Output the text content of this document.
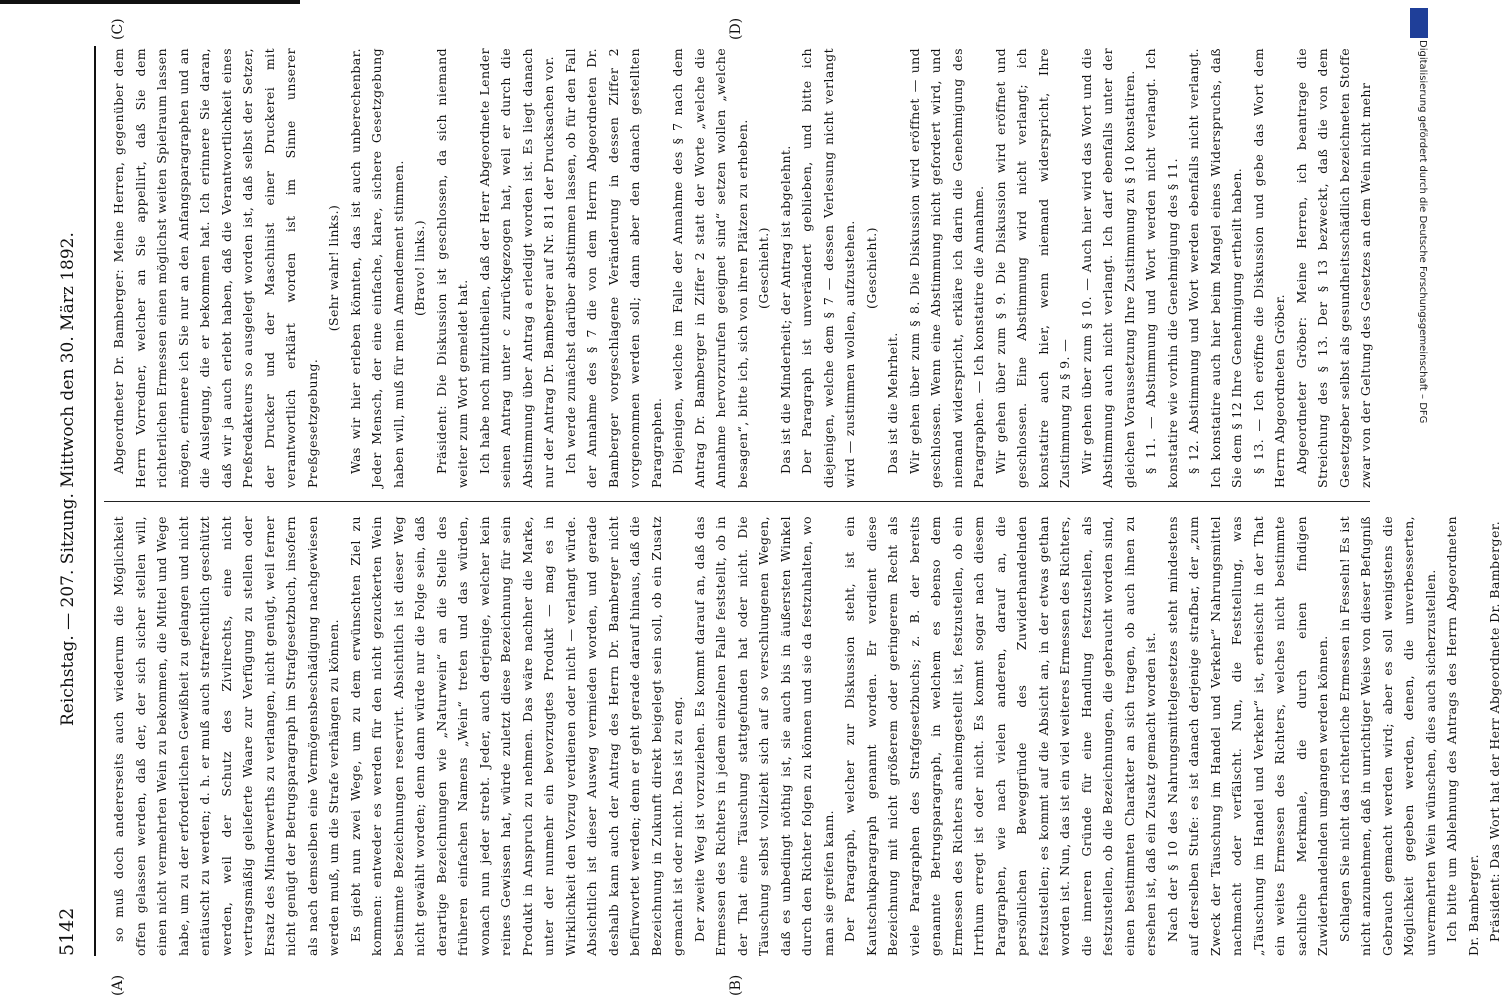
Digitalisierung gefördert durch die Deutsche Forschungsgemeinschaft – DFG
5142
Reichstag. — 207. Sitzung. Mittwoch den 30. März 1892.
(A)	(B)
(C)	(D)

so muß doch andererseits auch wiederum die Möglichkeit offen gelassen werden, daß der, der sich sicher stellen will, einen nicht vermehrten Wein zu bekommen, die Mittel und Wege habe, um zu der erforderlichen Gewißheit zu gelangen und nicht entäuscht zu werden; d. h. er muß auch strafrechtlich geschützt werden, weil der Schutz des Zivilrechts, eine nicht vertragsmäßig gelieferte Waare zur Verfügung zu stellen oder Ersatz des Minderwerths zu verlangen, nicht genügt, weil ferner nicht genügt der Betrugsparagraph im Strafgesetzbuch, insofern als nach demselben eine Vermögensbeschädigung nachgewiesen werden muß, um die Strafe verhängen zu können. Es giebt nun zwei Wege, um zu dem erwünschten Ziel zu kommen: entweder es werden für den nicht gezuckerten Wein bestimmte Bezeichnungen reservirt. Absichtlich ist dieser Weg nicht gewählt worden; denn dann würde nur die Folge sein, daß derartige Bezeichnungen wie „Naturwein“ an die Stelle des früheren einfachen Namens „Wein“ treten und das würden, wonach nun jeder strebt. Jeder, auch derjenige, welcher kein reines Gewissen hat, würde zuletzt diese Bezeichnung für sein Produkt in Anspruch zu nehmen. Das wäre nachher die Marke, unter der nunmehr ein bevorzugtes Produkt — mag es in Wirklichkeit den Vorzug verdienen oder nicht — verlangt würde. Absichtlich ist dieser Ausweg vermieden worden, und gerade deshalb kann auch der Antrag des Herrn Dr. Bamberger nicht befürwortet werden; denn er geht gerade darauf hinaus, daß die Bezeichnung in Zukunft direkt beigelegt sein soll, ob ein Zusatz gemacht ist oder nicht. Das ist zu eng. Der zweite Weg ist vorzuziehen. Es kommt darauf an, daß das Ermessen des Richters in jedem einzelnen Falle feststellt, ob in der That eine Täuschung stattgefunden hat oder nicht. Die Täuschung selbst vollzieht sich auf so verschlungenen Wegen, daß es unbedingt nöthig ist, sie auch bis in äußersten Winkel durch den Richter folgen zu können und sie da festzuhalten, wo man sie greifen kann. Der Paragraph, welcher zur Diskussion steht, ist ein Kautschukparagraph genannt worden. Er verdient diese Bezeichnung mit nicht größerem oder geringerem Recht als viele Paragraphen des Strafgesetzbuchs; z. B. der bereits genannte Betrugsparagraph, in welchem es ebenso dem Ermessen des Richters anheimgestellt ist, festzustellen, ob ein Irrthum erregt ist oder nicht. Es kommt sogar nach diesem Paragraphen, wie nach vielen anderen, darauf an, die persönlichen Beweggründe des Zuwiderhandelnden festzustellen; es kommt auf die Absicht an, in der etwas gethan worden ist. Nun, das ist ein viel weiteres Ermessen des Richters, die inneren Gründe für eine Handlung festzustellen, als festzustellen, ob die Bezeichnungen, die gebraucht worden sind, einen bestimmten Charakter an sich tragen, ob auch ihnen zu ersehen ist, daß ein Zusatz gemacht worden ist. Nach der § 10 des Nahrungsmittelgesetzes steht mindestens auf derselben Stufe: es ist danach derjenige strafbar, der „zum Zweck der Täuschung im Handel und Verkehr“ Nahrungsmittel nachmacht oder verfälscht. Nun, die Feststellung, was „Täuschung im Handel und Verkehr“ ist, erheischt in der That ein weites Ermessen des Richters, welches nicht bestimmte sachliche Merkmale, die durch einen findigen Zuwiderhandelnden umgangen werden können. Schlagen Sie nicht das richterliche Ermessen in Fesseln! Es ist nicht anzunehmen, daß in unrichtiger Weise von dieser Befugniß Gebrauch gemacht werden wird; aber es soll wenigstens die Möglichkeit gegeben werden, denen, die unverbesserten, unvermehrten Wein wünschen, dies auch sicherzustellen. Ich bitte um Ablehnung des Antrags des Herrn Abgeordneten Dr. Bamberger. Präsident: Das Wort hat der Herr Abgeordnete Dr. Bamberger.

Abgeordneter Dr. Bamberger: Meine Herren, gegenüber dem Herrn Vorredner, welcher an Sie appellirt, daß Sie dem richterlichen Ermessen einen möglichst weiten Spielraum lassen mögen, erinnere ich Sie nur an den Anfangsparagraphen und an die Auslegung, die er bekommen hat. Ich erinnere Sie daran, daß wir ja auch erlebt haben, daß die Verantwortlichkeit eines Preßredakteurs so ausgelegt worden ist, daß selbst der Setzer, der Drucker und der Maschinist einer Druckerei mit verantwortlich erklärt worden ist im Sinne unserer Preßgesetzgebung.

(Sehr wahr! links.) Was wir hier erleben könnten, das ist auch unberechenbar. Jeder Mensch, der eine einfache, klare, sichere Gesetzgebung haben will, muß für mein Amendement stimmen. (Bravo! links.) Präsident: Die Diskussion ist geschlossen, da sich niemand weiter zum Wort gemeldet hat. Ich habe noch mitzutheilen, daß der Herr Abgeordnete Lender seinen Antrag unter c zurückgezogen hat, weil er durch die Abstimmung über Antrag a erledigt worden ist. Es liegt danach nur der Antrag Dr. Bamberger auf Nr. 811 der Drucksachen vor. Ich werde zunächst darüber abstimmen lassen, ob für den Fall der Annahme des § 7 die von dem Herrn Abgeordneten Dr. Bamberger vorgeschlagene Veränderung in dessen Ziffer 2 vorgenommen werden soll; dann aber den danach gestellten Paragraphen. Diejenigen, welche im Falle der Annahme des § 7 nach dem Antrag Dr. Bamberger in Ziffer 2 statt der Worte „welche die Annahme hervorzurufen geeignet sind“ setzen wollen „welche besagen“, bitte ich, sich von ihren Plätzen zu erheben. (Geschieht.) Das ist die Minderheit; der Antrag ist abgelehnt. Der Paragraph ist unverändert geblieben, und bitte ich diejenigen, welche dem § 7 — dessen Verlesung nicht verlangt wird — zustimmen wollen, aufzustehen. (Geschieht.)

Das ist die Mehrheit. Wir gehen über zum § 8. Die Diskussion wird eröffnet — und geschlossen. Wenn eine Abstimmung nicht gefordert wird, und niemand widerspricht, erkläre ich darin die Genehmigung des Paragraphen. — Ich konstatire die Annahme. Wir gehen über zum § 9. Die Diskussion wird eröffnet und geschlossen. Eine Abstimmung wird nicht verlangt; ich konstatire auch hier, wenn niemand widerspricht, Ihre Zustimmung zu § 9. — Wir gehen über zum § 10. — Auch hier wird das Wort und die Abstimmung auch nicht verlangt. Ich darf ebenfalls unter der gleichen Voraussetzung Ihre Zustimmung zu § 10 konstatiren. § 11. — Abstimmung und Wort werden nicht verlangt. Ich konstatire wie vorhin die Genehmigung des § 11. § 12. Abstimmung und Wort werden ebenfalls nicht verlangt. Ich konstatire auch hier beim Mangel eines Widerspruchs, daß Sie dem § 12 Ihre Genehmigung ertheilt haben. § 13. — Ich eröffne die Diskussion und gebe das Wort dem Herrn Abgeordneten Gröber. Abgeordneter Gröber: Meine Herren, ich beantrage die Streichung des § 13. Der § 13 bezweckt, daß die von dem Gesetzgeber selbst als gesundheitsschädlich bezeichneten Stoffe zwar von der Geltung des Gesetzes an dem Wein nicht mehr
